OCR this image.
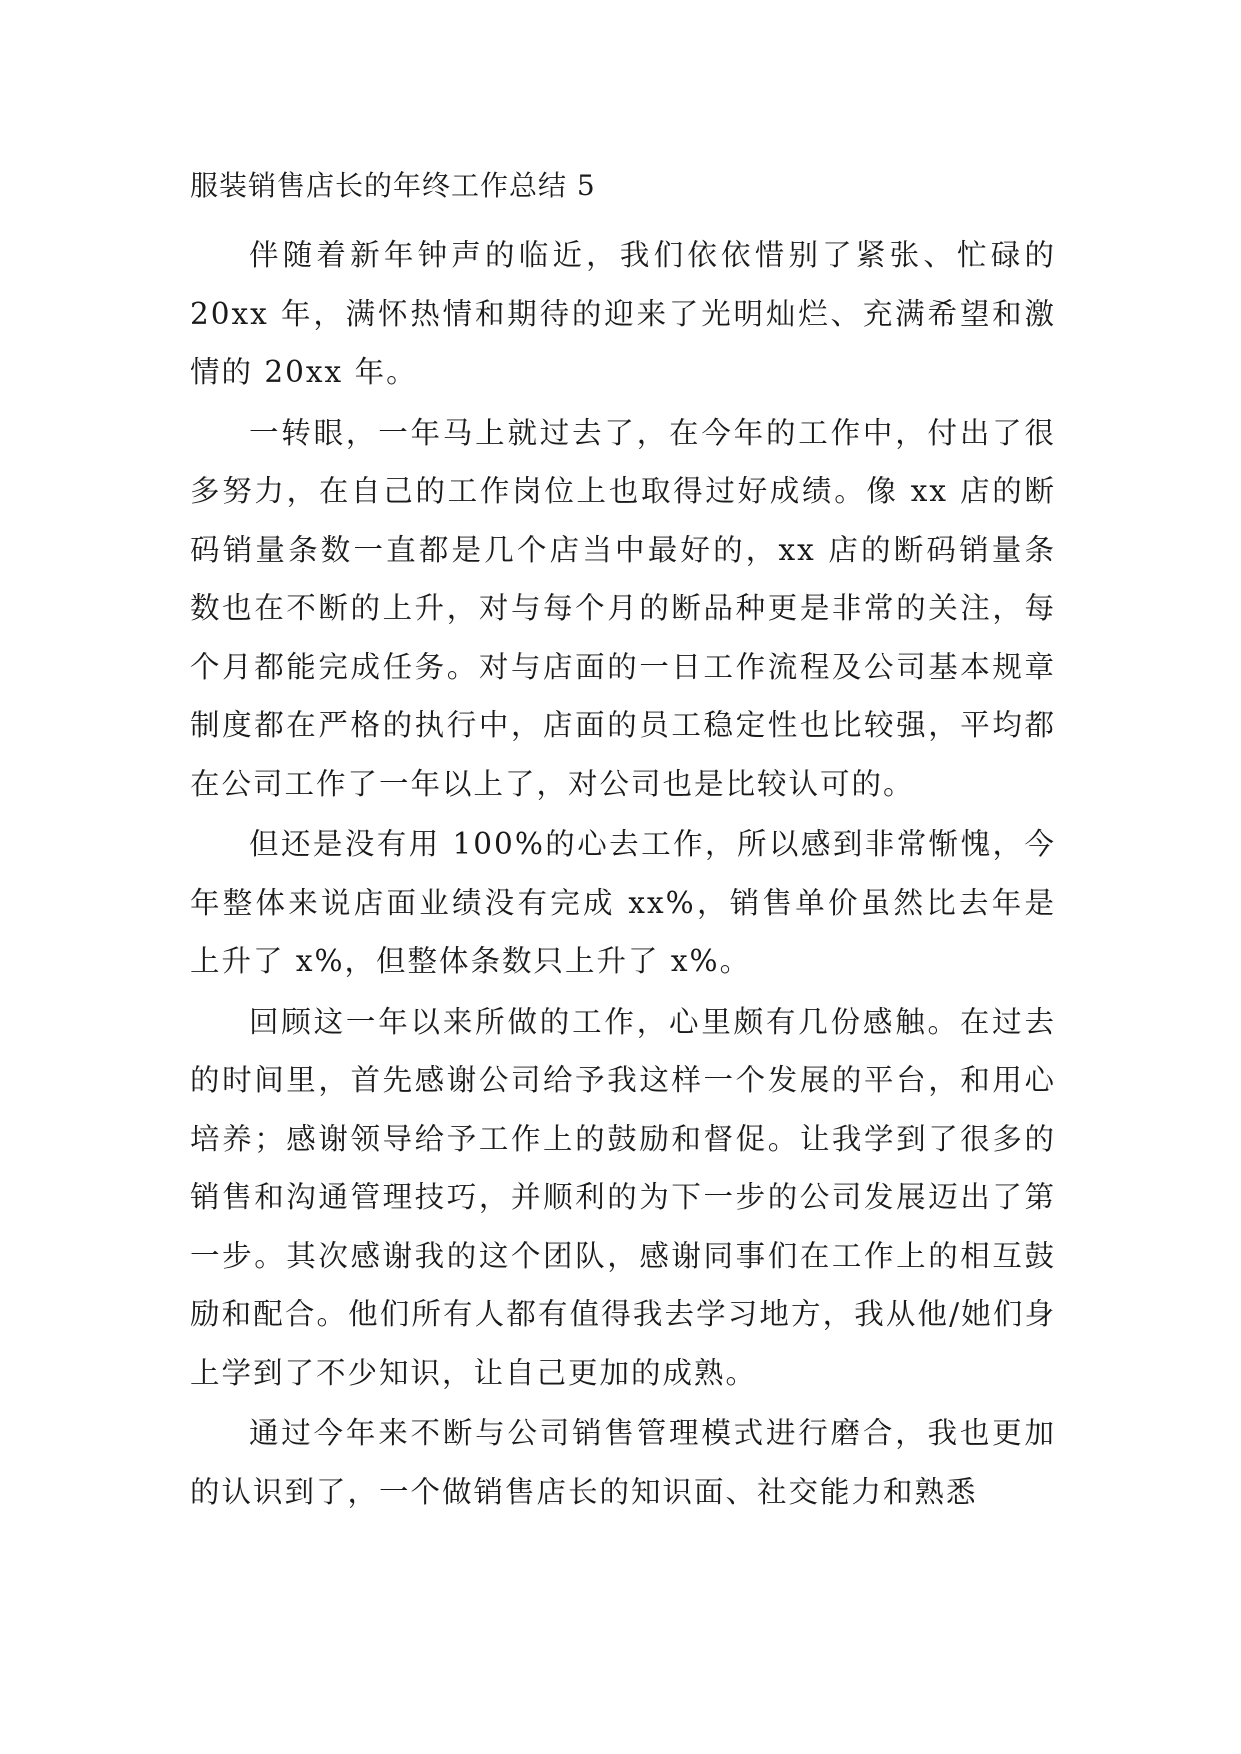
服装销售店长的年终工作总结 5

伴随着新年钟声的临近，我们依依惜别了紧张、忙碌的20xx 年，满怀热情和期待的迎来了光明灿烂、充满希望和激情的 20xx 年。

一转眼，一年马上就过去了，在今年的工作中，付出了很多努力，在自己的工作岗位上也取得过好成绩。像 xx 店的断码销量条数一直都是几个店当中最好的，xx 店的断码销量条数也在不断的上升，对与每个月的断品种更是非常的关注，每个月都能完成任务。对与店面的一日工作流程及公司基本规章制度都在严格的执行中，店面的员工稳定性也比较强，平均都在公司工作了一年以上了，对公司也是比较认可的。

但还是没有用 100%的心去工作，所以感到非常惭愧，今年整体来说店面业绩没有完成 xx%，销售单价虽然比去年是上升了 x%，但整体条数只上升了 x%。

回顾这一年以来所做的工作，心里颇有几份感触。在过去的时间里，首先感谢公司给予我这样一个发展的平台，和用心培养；感谢领导给予工作上的鼓励和督促。让我学到了很多的销售和沟通管理技巧，并顺利的为下一步的公司发展迈出了第一步。其次感谢我的这个团队，感谢同事们在工作上的相互鼓励和配合。他们所有人都有值得我去学习地方，我从他/她们身上学到了不少知识，让自己更加的成熟。

通过今年来不断与公司销售管理模式进行磨合，我也更加的认识到了，一个做销售店长的知识面、社交能力和熟悉
